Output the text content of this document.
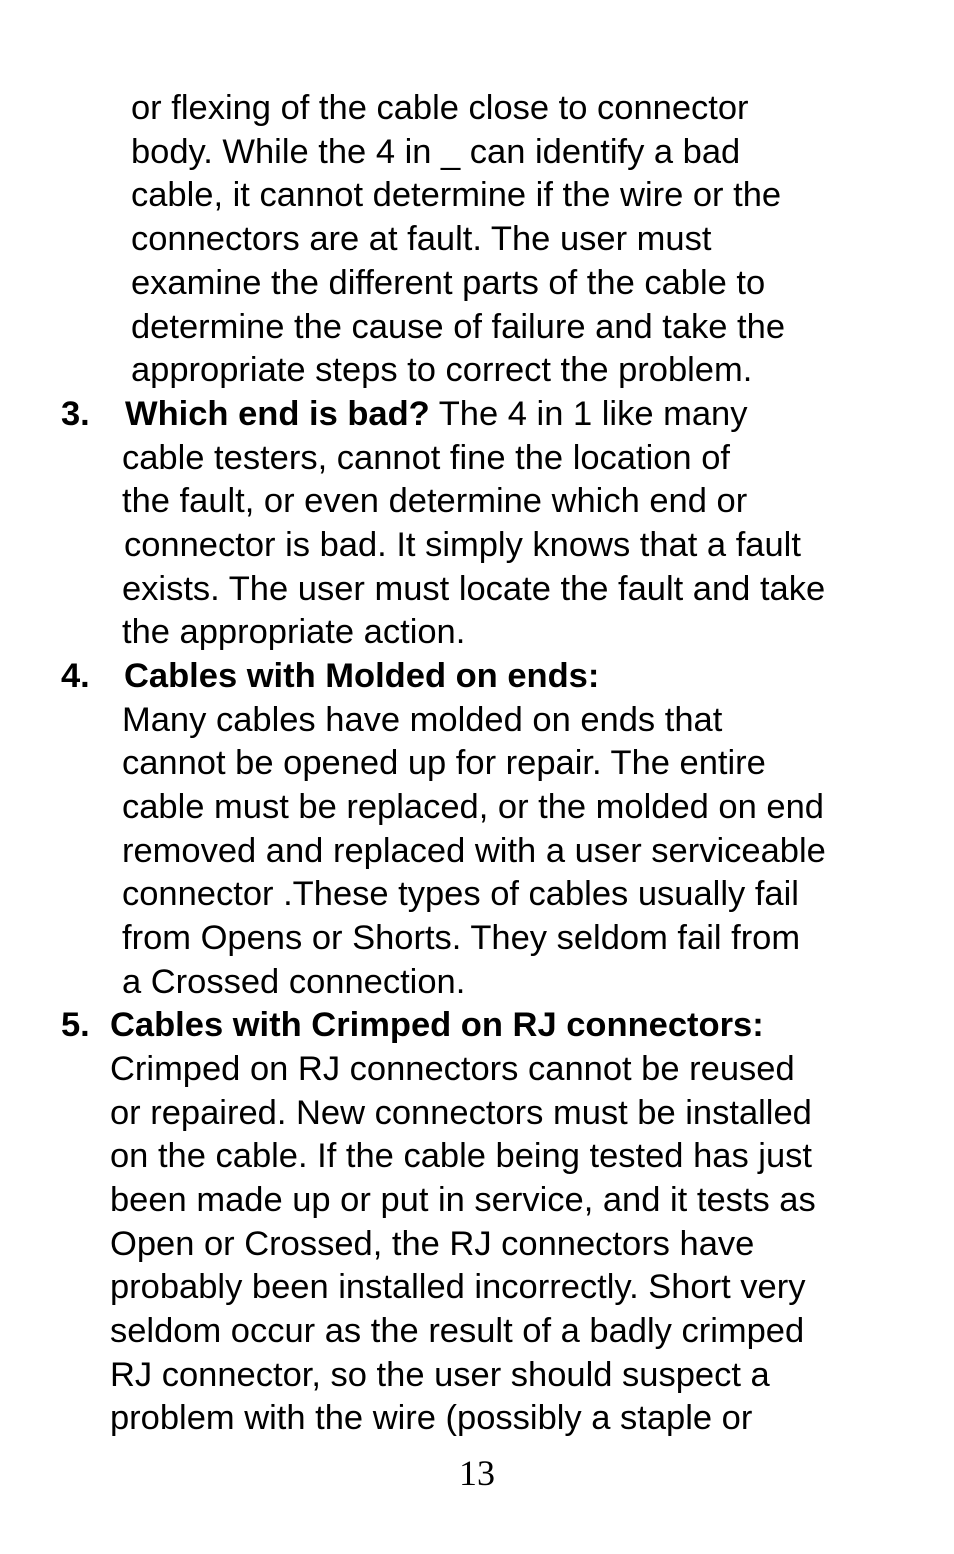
or flexing of the cable close to connector
body. While the 4 in _ can identify a bad
cable, it cannot determine if the wire or the
connectors are at fault. The user must
examine the different parts of the cable to
determine the cause of failure and take the
appropriate steps to correct the problem.
3. Which end is bad? The 4 in 1 like many
cable testers, cannot fine the location of
the fault, or even determine which end or
connector is bad. It simply knows that a fault
exists. The user must locate the fault and take
the appropriate action.
4. Cables with Molded on ends:
Many cables have molded on ends that
cannot be opened up for repair. The entire
cable must be replaced, or the molded on end
removed and replaced with a user serviceable
connector .These types of cables usually fail
from Opens or Shorts. They seldom fail from
a Crossed connection.
5. Cables with Crimped on RJ connectors:
Crimped on RJ connectors cannot be reused
or repaired. New connectors must be installed
on the cable. If the cable being tested has just
been made up or put in service, and it tests as
Open or Crossed, the RJ connectors have
probably been installed incorrectly. Short very
seldom occur as the result of a badly crimped
RJ connector, so the user should suspect a
problem with the wire (possibly a staple or
13
